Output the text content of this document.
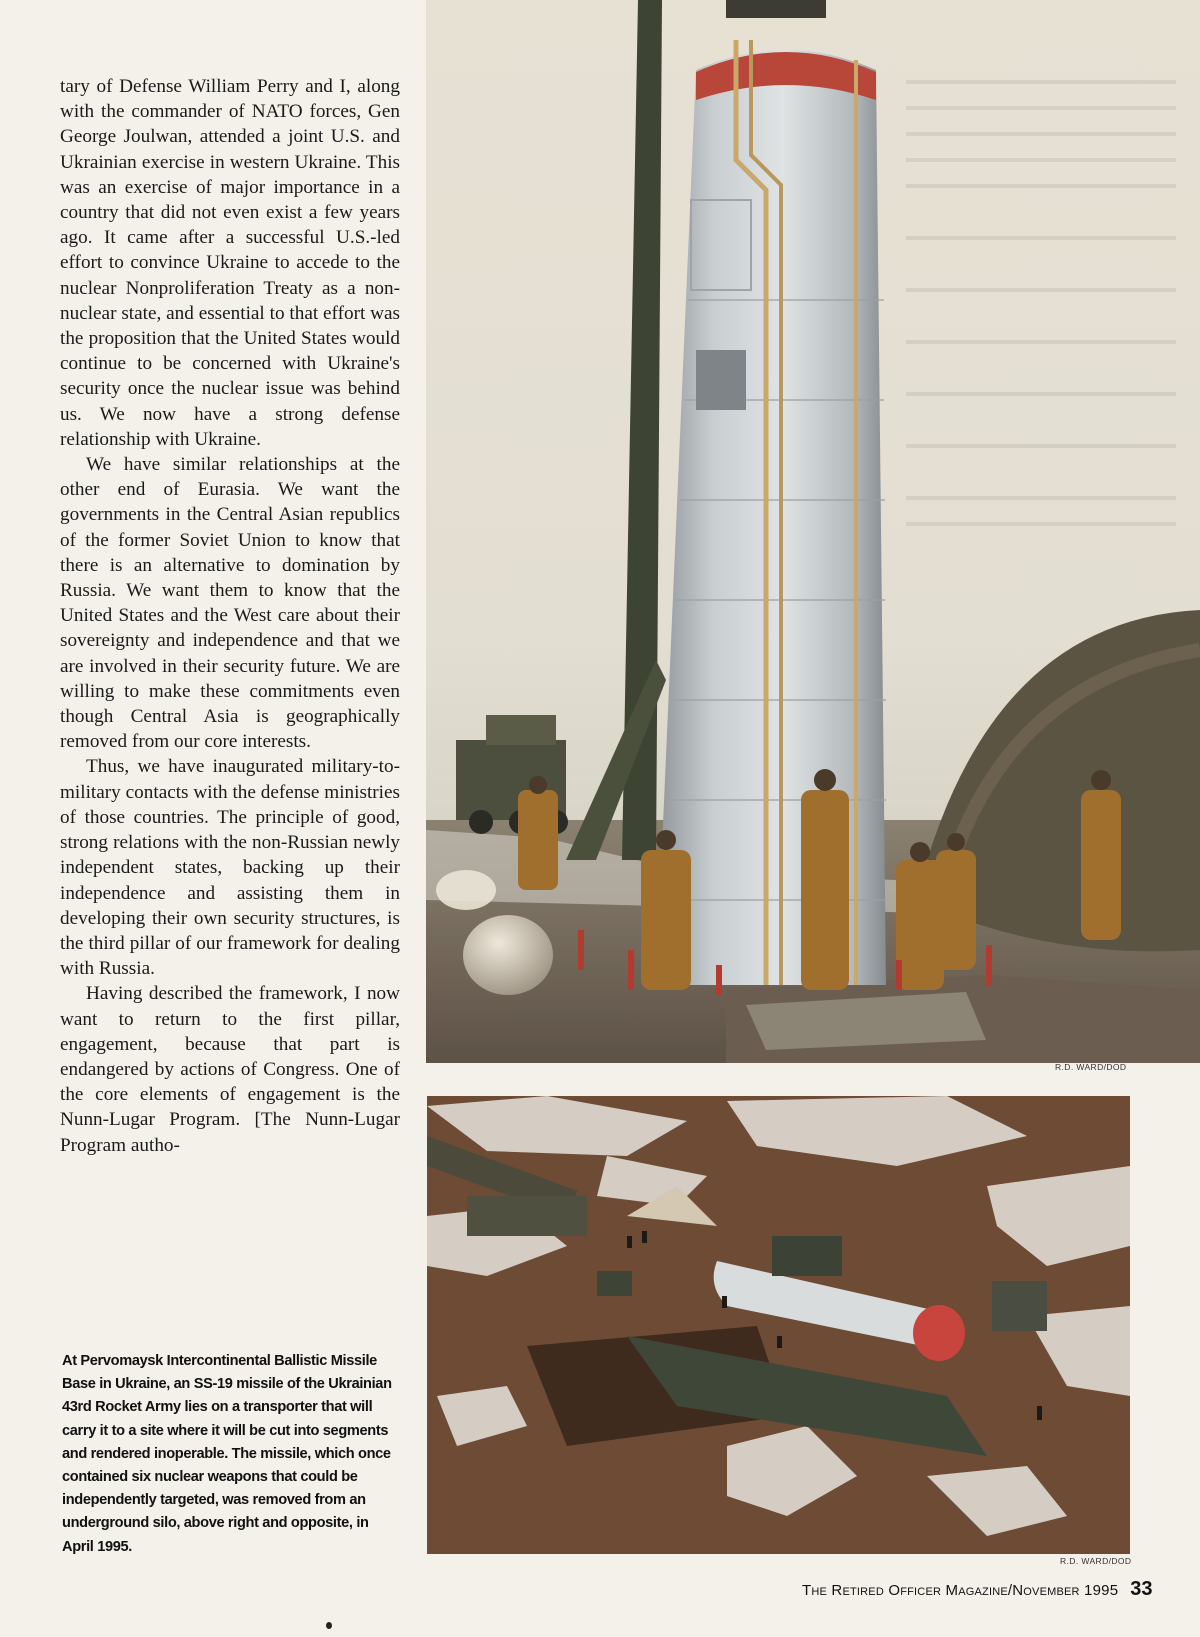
tary of Defense William Perry and I, along with the commander of NATO forces, Gen George Joulwan, attended a joint U.S. and Ukrainian exercise in western Ukraine. This was an exercise of major importance in a country that did not even exist a few years ago. It came after a successful U.S.-led effort to convince Ukraine to accede to the nuclear Nonproliferation Treaty as a non-nuclear state, and essential to that effort was the proposition that the United States would continue to be concerned with Ukraine's security once the nuclear issue was behind us. We now have a strong defense relationship with Ukraine.

We have similar relationships at the other end of Eurasia. We want the governments in the Central Asian republics of the former Soviet Union to know that there is an alternative to domination by Russia. We want them to know that the United States and the West care about their sovereignty and independence and that we are involved in their security future. We are willing to make these commitments even though Central Asia is geographically removed from our core interests.

Thus, we have inaugurated military-to-military contacts with the defense ministries of those countries. The principle of good, strong relations with the non-Russian newly independent states, backing up their independence and assisting them in developing their own security structures, is the third pillar of our framework for dealing with Russia.

Having described the framework, I now want to return to the first pillar, engagement, because that part is endangered by actions of Congress. One of the core elements of engagement is the Nunn-Lugar Program. [The Nunn-Lugar Program autho-

At Pervomaysk Intercontinental Ballistic Missile Base in Ukraine, an SS-19 missile of the Ukrainian 43rd Rocket Army lies on a transporter that will carry it to a site where it will be cut into segments and rendered inoperable. The missile, which once contained six nuclear weapons that could be independently targeted, was removed from an underground silo, above right and opposite, in April 1995.
R.D. WARD/DOD
R.D. WARD/DOD
The Retired Officer Magazine/November 1995 33
